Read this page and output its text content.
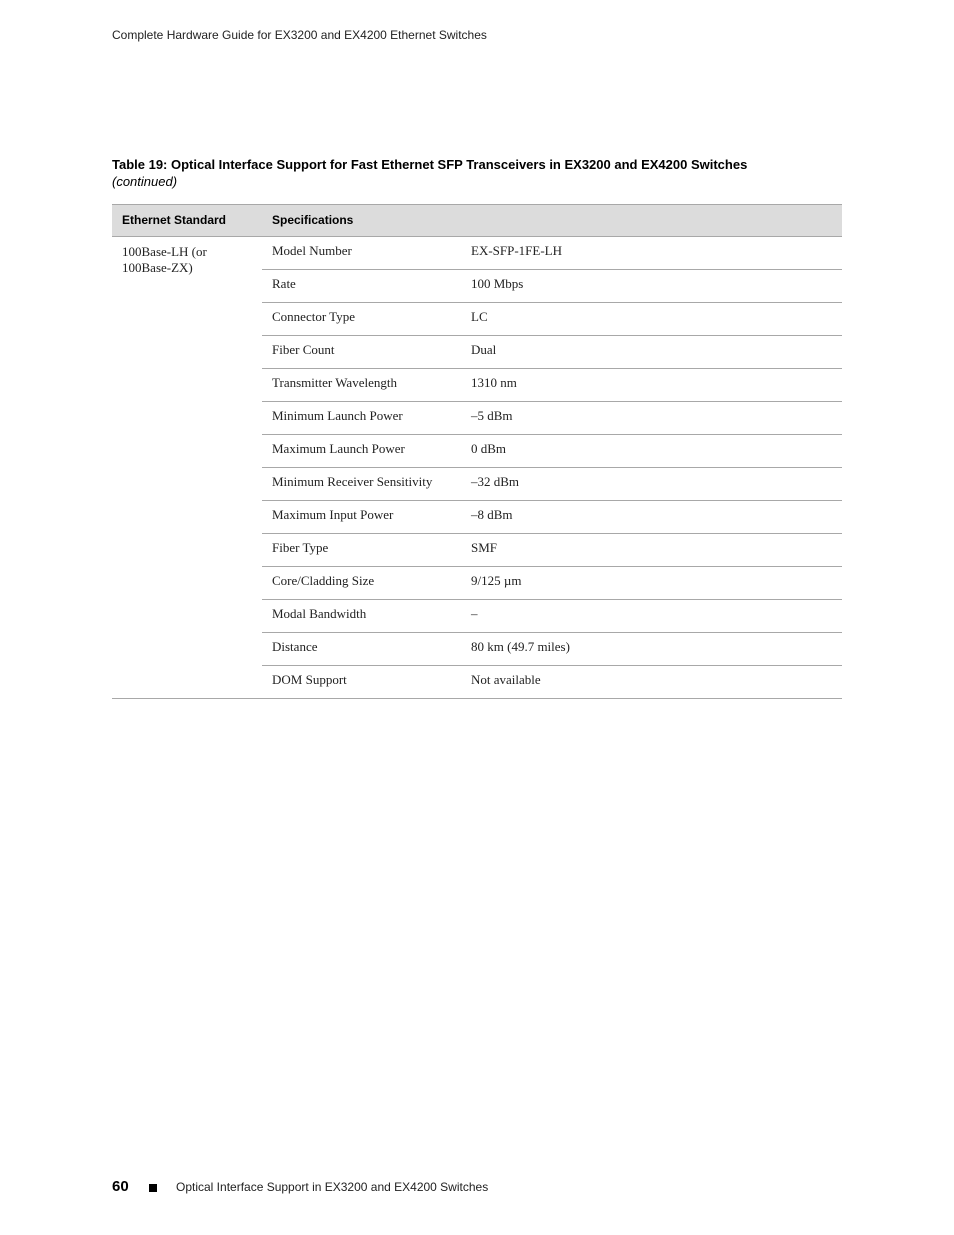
Complete Hardware Guide for EX3200 and EX4200 Ethernet Switches
Table 19: Optical Interface Support for Fast Ethernet SFP Transceivers in EX3200 and EX4200 Switches (continued)
Ethernet Standard	Specifications
100Base-LH (or 100Base-ZX)
Model Number	EX-SFP-1FE-LH
Rate	100 Mbps
Connector Type	LC
Fiber Count	Dual
Transmitter Wavelength	1310 nm
Minimum Launch Power	–5 dBm
Maximum Launch Power	0 dBm
Minimum Receiver Sensitivity	–32 dBm
Maximum Input Power	–8 dBm
Fiber Type	SMF
Core/Cladding Size	9/125 µm
Modal Bandwidth	–
Distance	80 km (49.7 miles)
DOM Support	Not available
60	Optical Interface Support in EX3200 and EX4200 Switches
